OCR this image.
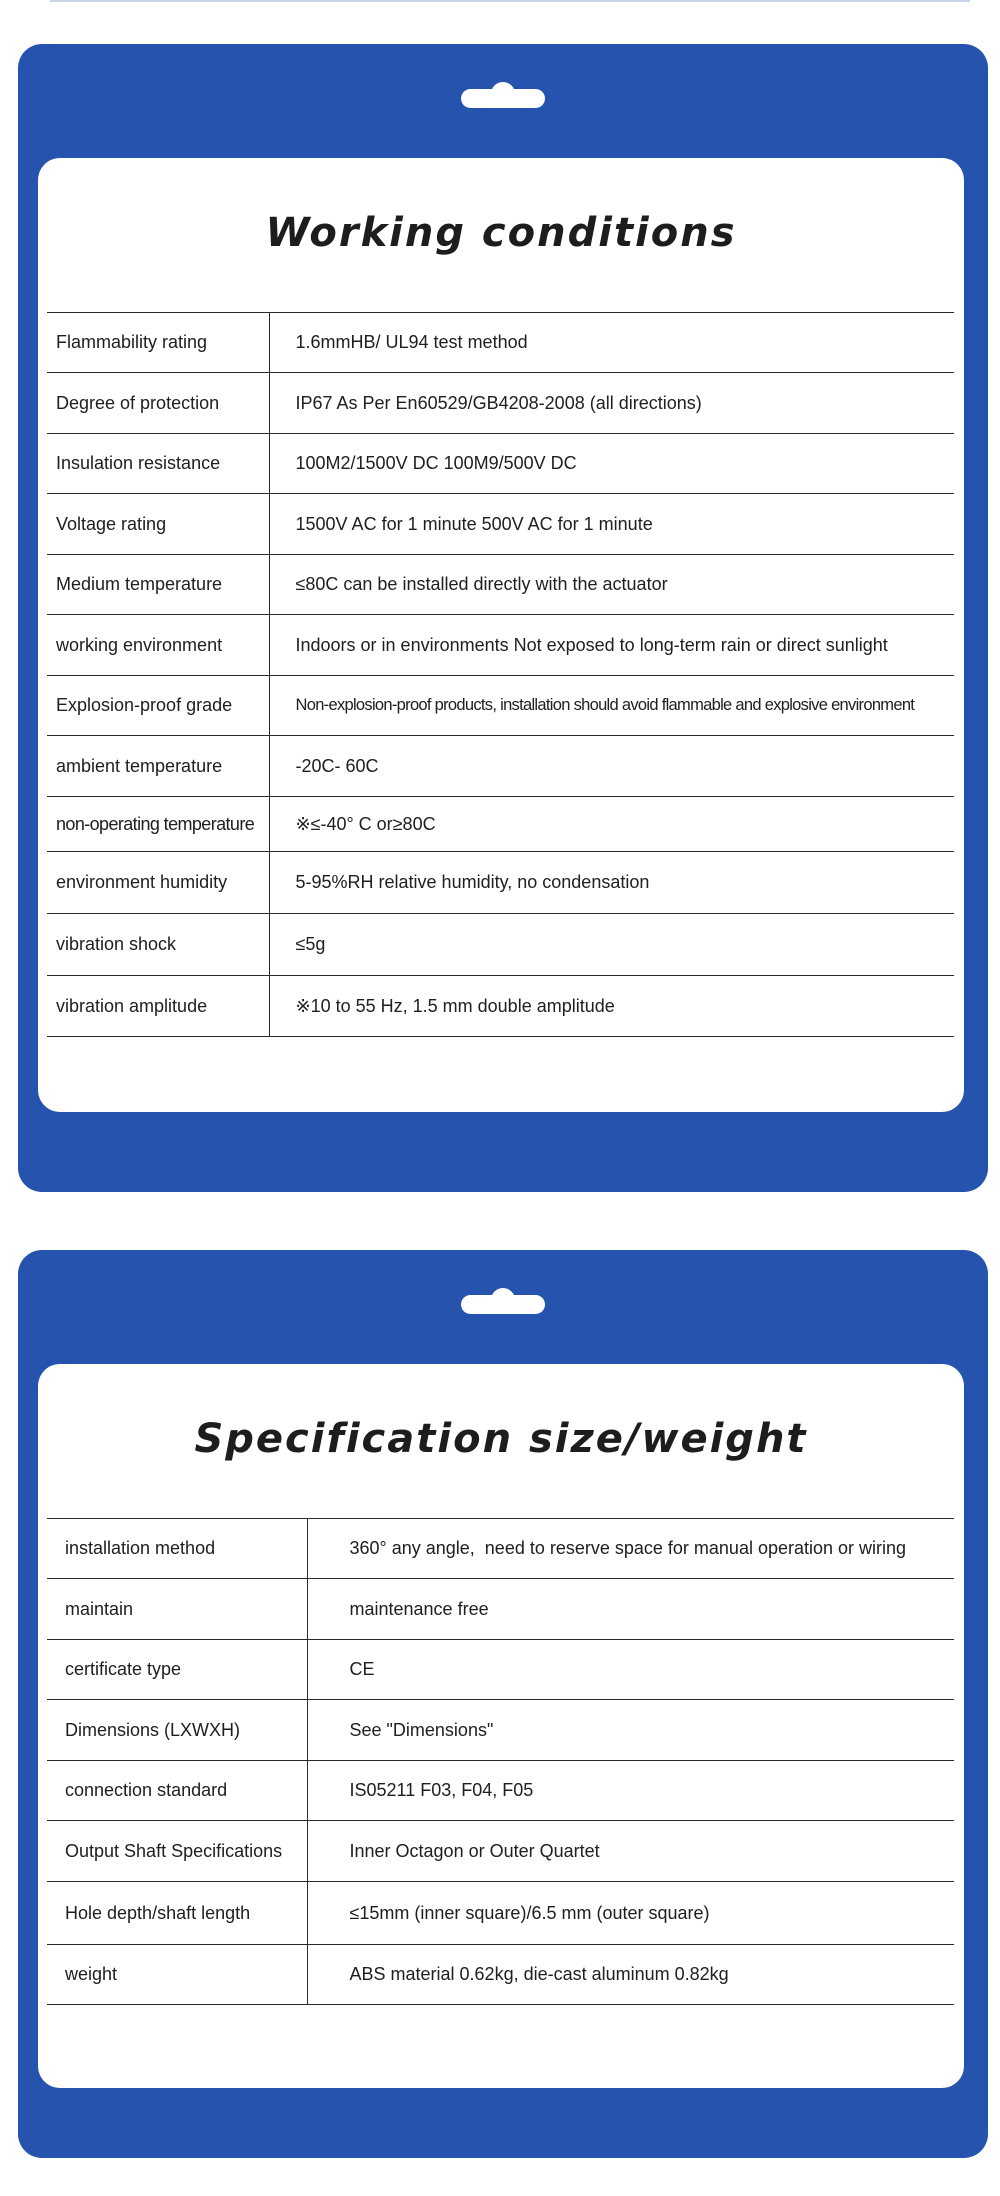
Working conditions
Flammability rating	1.6mmHB/ UL94 test method
Degree of protection	IP67 As Per En60529/GB4208-2008 (all directions)
Insulation resistance	100M2/1500V DC 100M9/500V DC
Voltage rating	1500V AC for 1 minute 500V AC for 1 minute
Medium temperature	≤80C can be installed directly with the actuator
working environment	Indoors or in environments Not exposed to long-term rain or direct sunlight
Explosion-proof grade	Non-explosion-proof products, installation should avoid flammable and explosive environment
ambient temperature	-20C- 60C
non-operating temperature	※≤-40° C or≥80C
environment humidity	5-95%RH relative humidity, no condensation
vibration shock	≤5g
vibration amplitude	※10 to 55 Hz, 1.5 mm double amplitude
Specification size/weight
installation method	360° any angle,  need to reserve space for manual operation or wiring
maintain	maintenance free
certificate type	CE
Dimensions (LXWXH)	See "Dimensions"
connection standard	IS05211 F03, F04, F05
Output Shaft Specifications	Inner Octagon or Outer Quartet
Hole depth/shaft length	≤15mm (inner square)/6.5 mm (outer square)
weight	ABS material 0.62kg, die-cast aluminum 0.82kg
